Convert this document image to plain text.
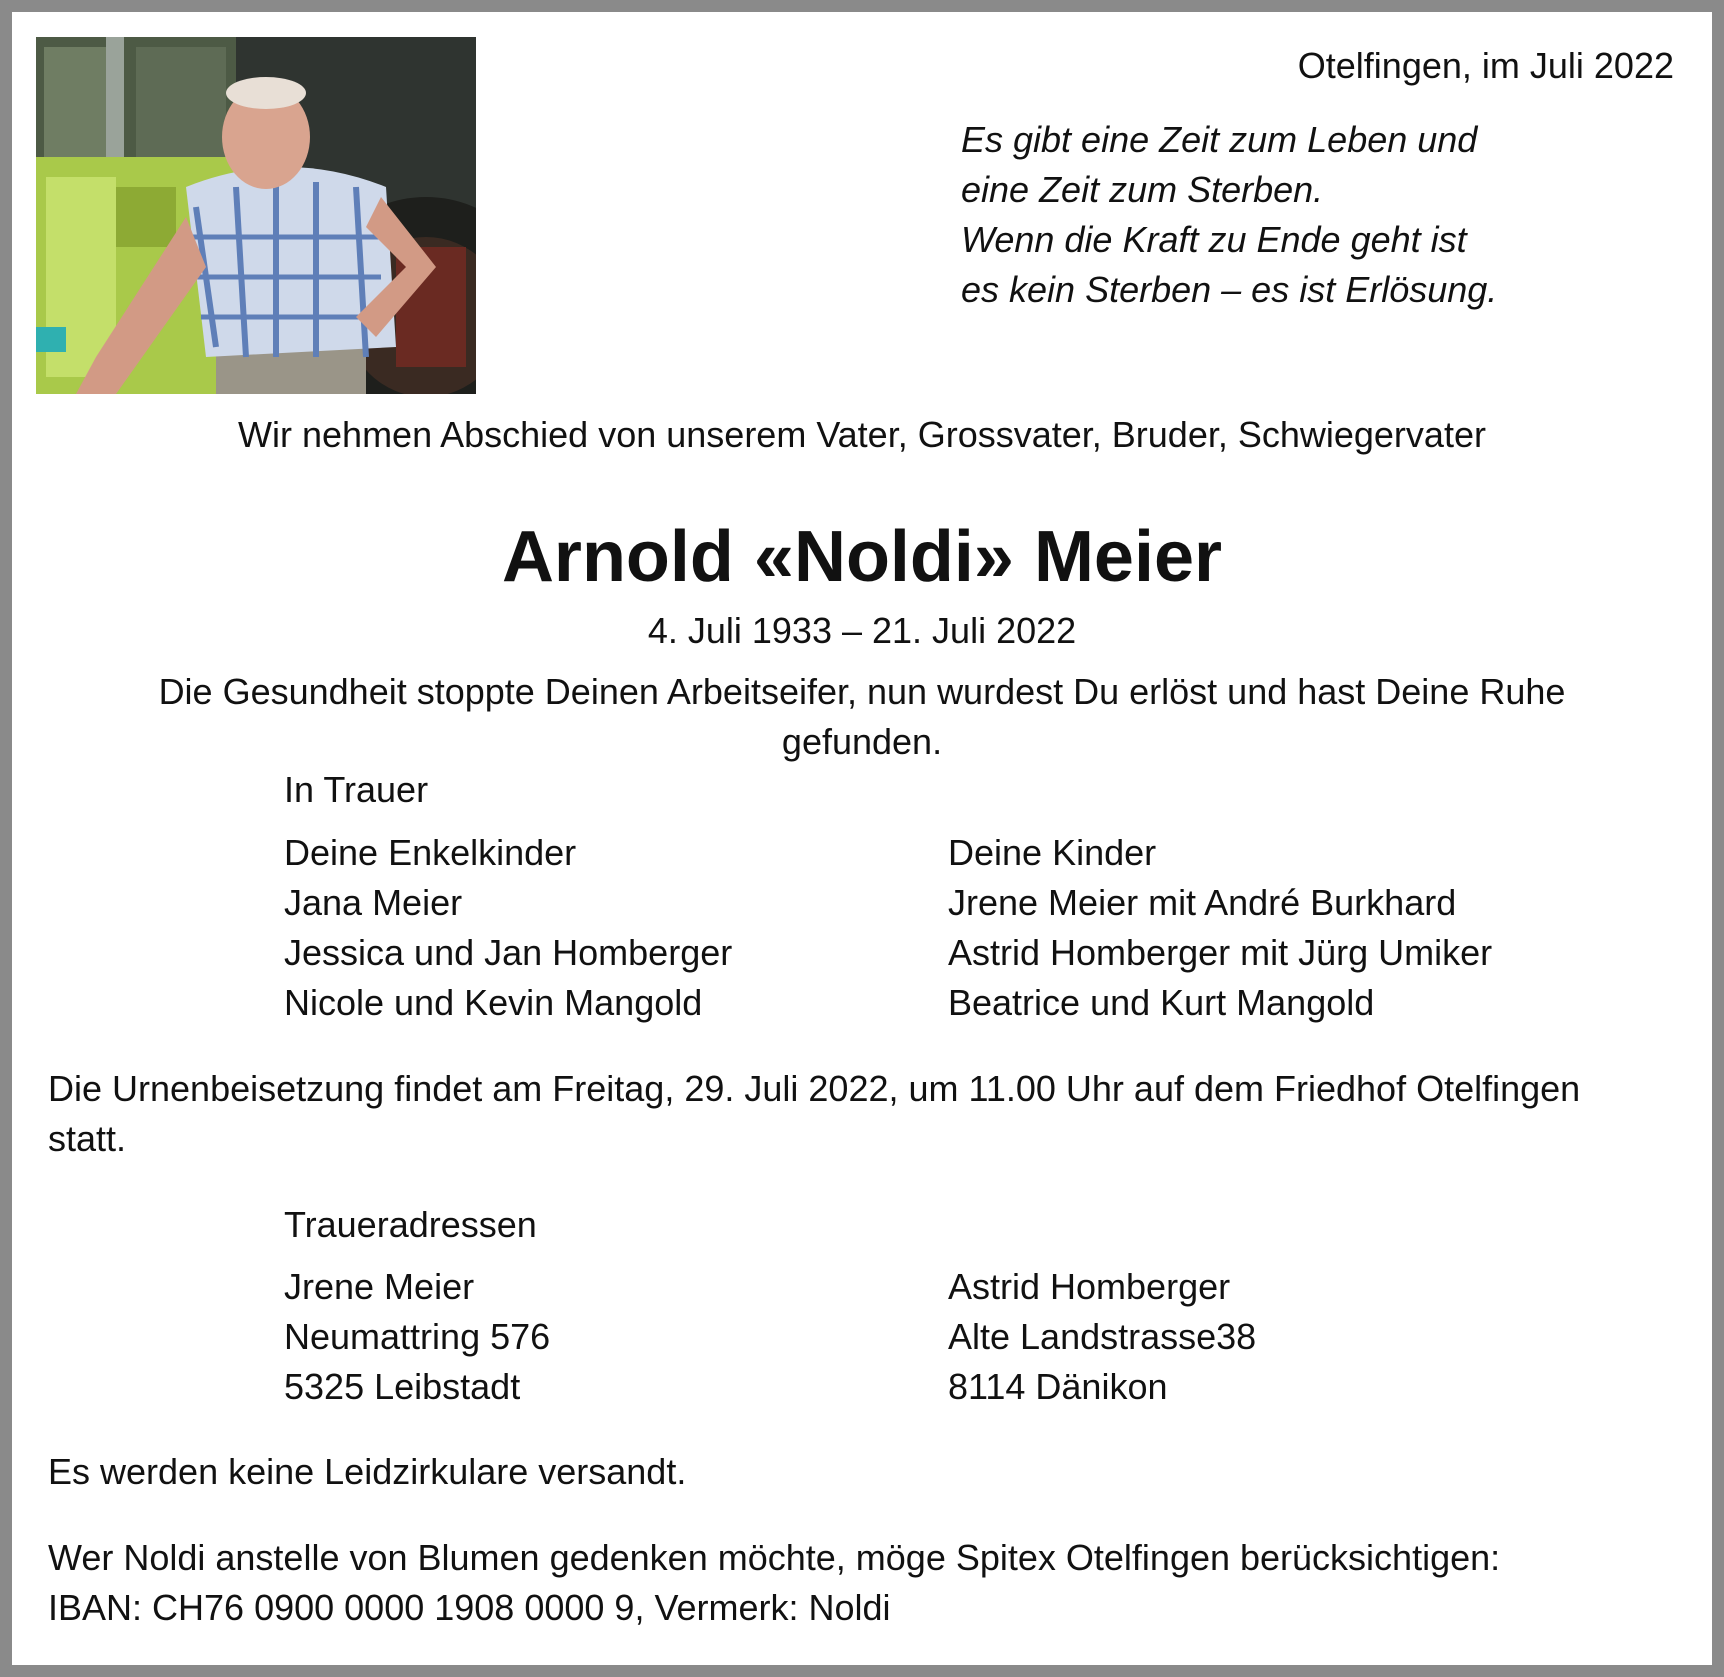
Otelfingen, im Juli 2022
Es gibt eine Zeit zum Leben und
eine Zeit zum Sterben.
Wenn die Kraft zu Ende geht ist
es kein Sterben – es ist Erlösung.
Wir nehmen Abschied von unserem Vater, Grossvater, Bruder, Schwiegervater
Arnold «Noldi» Meier
4. Juli 1933 – 21. Juli 2022
Die Gesundheit stoppte Deinen Arbeitseifer, nun wurdest Du erlöst und hast Deine Ruhe
gefunden.
In Trauer
Deine Enkelkinder
Jana Meier
Jessica und Jan Homberger
Nicole und Kevin Mangold
Deine Kinder
Jrene Meier mit André Burkhard
Astrid Homberger mit Jürg Umiker
Beatrice und Kurt Mangold
Die Urnenbeisetzung findet am Freitag, 29. Juli 2022, um 11.00 Uhr auf dem Friedhof Otelfingen
statt.
Traueradressen
Jrene Meier
Neumattring 576
5325 Leibstadt
Astrid Homberger
Alte Landstrasse38
8114 Dänikon
Es werden keine Leidzirkulare versandt.
Wer Noldi anstelle von Blumen gedenken möchte, möge Spitex Otelfingen berücksichtigen:
IBAN: CH76 0900 0000 1908 0000 9, Vermerk: Noldi
